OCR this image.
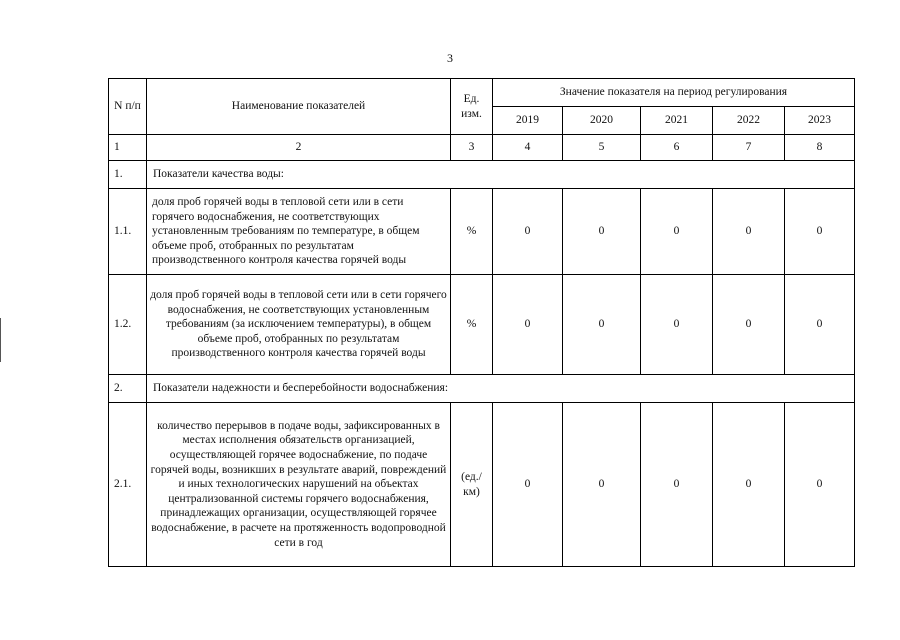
3
N п/п	Наименование показателей	Ед. изм.	Значение показателя на период регулирования				
			2019	2020	2021	2022	2023
1	2	3	4	5	6	7	8
1.	Показатели качества воды:						
1.1.	доля проб горячей воды в тепловой сети или в сети горячего водоснабжения, не соответствующих установленным требованиям по температуре, в общем объеме проб, отобранных по результатам производственного контроля качества горячей воды	%	0	0	0	0	0
1.2.	доля проб горячей воды в тепловой сети или в сети горячего водоснабжения, не соответствующих установленным требованиям (за исключением температуры), в общем объеме проб, отобранных по результатам производственного контроля качества горячей воды	%	0	0	0	0	0
2.	Показатели надежности и бесперебойности водоснабжения:						
2.1.	количество перерывов в подаче воды, зафиксированных в местах исполнения обязательств организацией, осуществляющей горячее водоснабжение, по подаче горячей воды, возникших в результате аварий, повреждений и иных технологических нарушений на объектах централизованной системы горячего водоснабжения, принадлежащих организации, осуществляющей горячее водоснабжение, в расчете на протяженность водопроводной сети в год	(ед./км)	0	0	0	0	0
